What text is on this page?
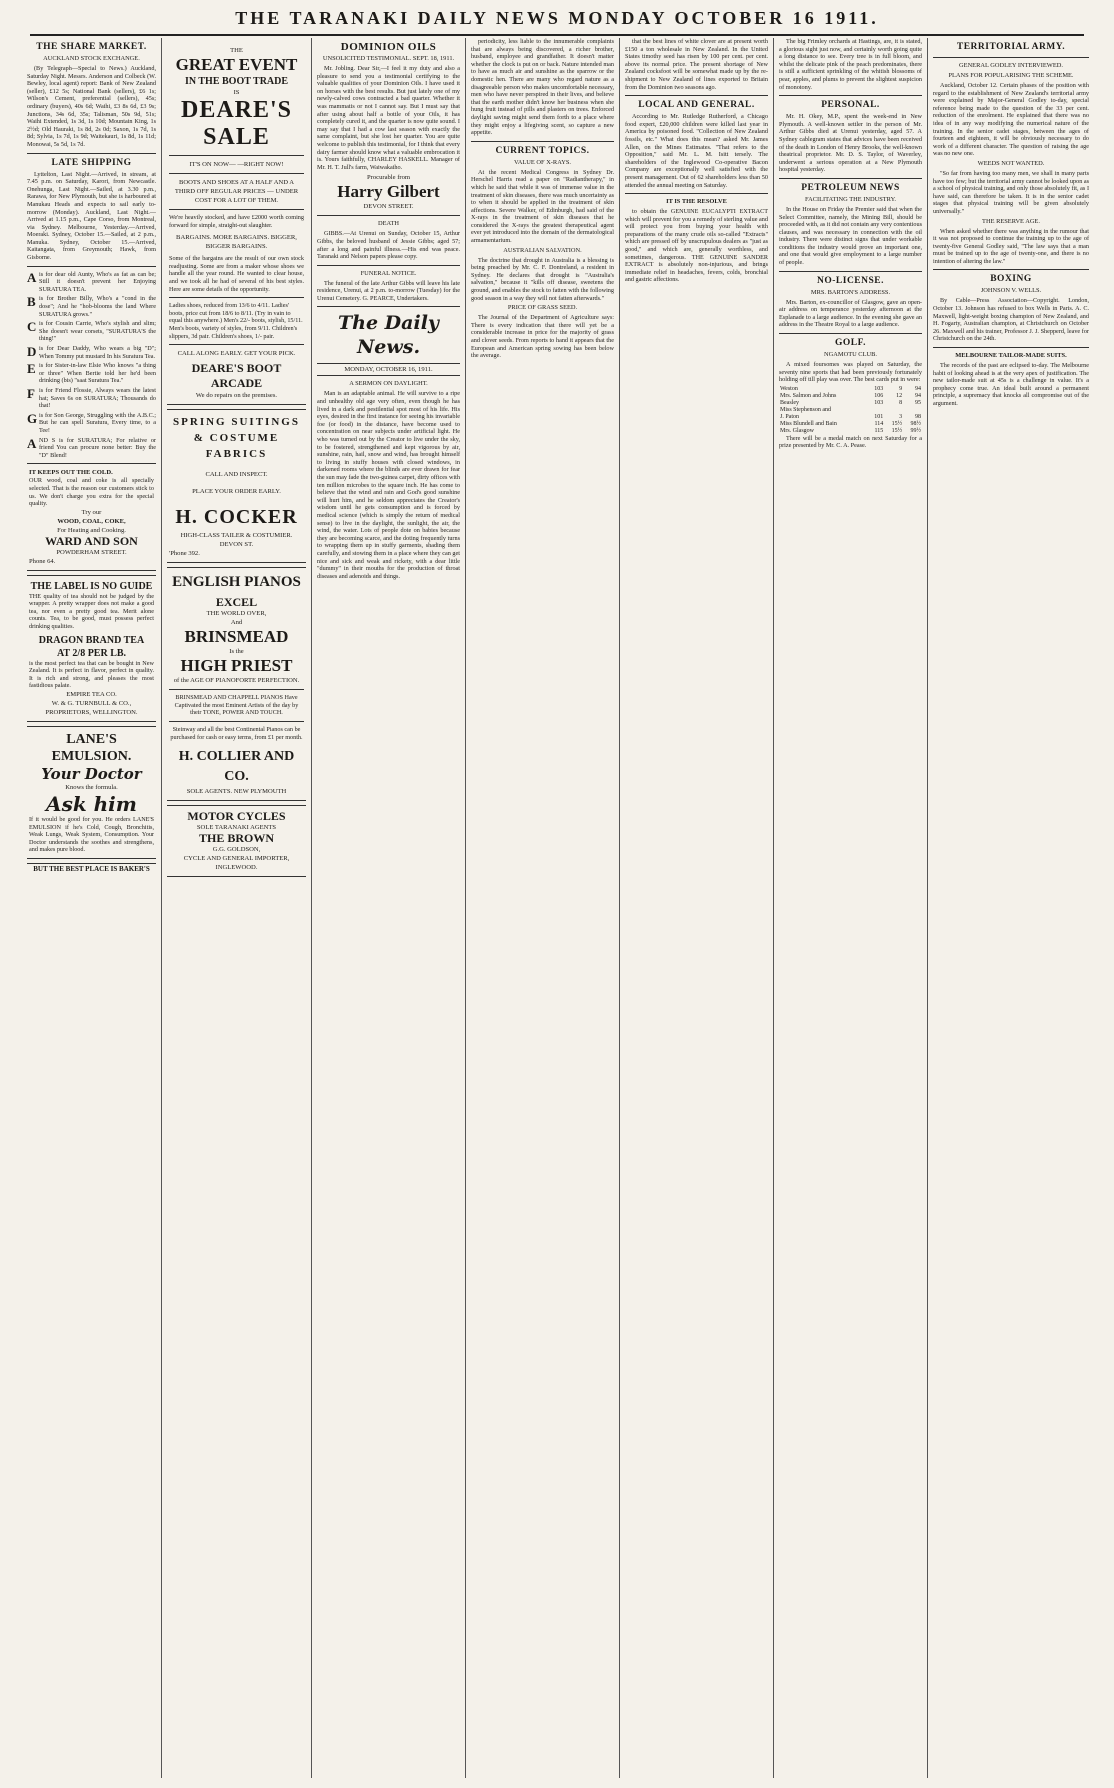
THE TARANAKI DAILY NEWS MONDAY OCTOBER 16 1911.
THE SHARE MARKET.
AUCKLAND STOCK EXCHANGE.

(By Telegraph—Special to News.) Auckland, Saturday Night. Messrs. Anderson and Colbeck (W. Bewley, local agent) report: Bank of New Zealand (seller), £12 5s; National Bank (sellers), £6 1s; Wilson's Cement, preferential (sellers), 45s; ordinary (buyers), 40s 6d; Waihi, £3 8s 6d, £3 9s; Junctions, 34s 6d, 35s; Talisman, 50s 9d, 51s; Waihi Extended, 1s 3d, 1s 10d; Mountain King, 1s 2½d; Old Hauraki, 1s 8d, 2s 0d; Saxon, 1s 7d, 1s 8d; Sylvia, 1s 7d, 1s 9d; Waitekauri, 1s 8d, 1s 11d; Monowai, 5s 5d, 1s 7d.

LATE SHIPPING

Lyttelton, Last Night.—Arrived, in stream, at 7.45 p.m. on Saturday, Karori, from Newcastle. Onehunga, Last Night.—Sailed, at 3.30 p.m., Rarawa, for New Plymouth, but she is harboured at Manukau Heads and expects to sail early to-morrow (Monday). Auckland, Last Night.—Arrived at 1.15 p.m., Cape Corso, from Montreal, via Sydney. Melbourne, Yesterday.—Arrived, Moeraki. Sydney, October 15.—Sailed, at 2 p.m., Manuka. Sydney, October 15.—Arrived, Kaitangata, from Greymouth; Hawk, from Gisborne.

A is for dear old Aunty, Who's as fat as can be; Still it doesn't prevent her Enjoying SURATURA TEA.
B is for Brother Billy, Who's a "cond in the dose"; And he "hob-blooms the land Where SURATURA grows."
C is for Cousin Carrie, Who's stylish and slim; She doesn't wear corsets, "SURATURA'S the thing!"
D is for Dear Daddy, Who wears a big "D"; When Tommy put mustard In his Suratura Tea.
E is for Sister-in-law Elsie Who knows "a thing or three" When Bertie told her he'd been drinking (bis) "saat Suratura Tea."
F is for Friend Flossie, Always wears the latest hat; Saves 6s on SURATURA; Thousands do that!
G is for Son George, Struggling with the A.B.C.; But he can spell Suratura, Every time, to a Tee!
A ND S is for SURATURA; For relative or friend You can procure none better: Buy the "D" Blend!
IT KEEPS OUT THE COLD.
OUR wood, coal and coke is all specially selected. That is the reason our customers stick to us. We don't charge you extra for the special quality.
Try our
WOOD, COAL, COKE,
For Heating and Cooking.
WARD AND SON
POWDERHAM STREET.
Phone 64.
THE LABEL IS NO GUIDE
THE quality of tea should not be judged by the wrapper. A pretty wrapper does not make a good tea, nor even a pretty good tea. Merit alone counts. Tea, to be good, must possess perfect drinking qualities.
DRAGON BRAND TEA
AT 2/8 PER LB.
is the most perfect tea that can be bought in New Zealand. It is perfect in flavor, perfect in quality. It is rich and strong, and pleases the most fastidious palate.
EMPIRE TEA CO.
W. & G. TURNBULL & CO., PROPRIETORS, WELLINGTON.
LANE'S EMULSION.
Your Doctor
Knows the formula.
Ask him
If it would be good for you. He orders LANE'S EMULSION if he's Cold, Cough, Bronchitis, Weak Lungs, Weak System, Consumption. Your Doctor understands the soothes and strengthens, and makes pure blood.
BUT THE BEST PLACE IS BAKER'S
THE
GREAT EVENT
IN THE BOOT TRADE
IS
DEARE'S
SALE
IT'S ON NOW— —RIGHT NOW!
BOOTS AND SHOES AT A HALF AND A THIRD OFF REGULAR PRICES — UNDER COST FOR A LOT OF THEM.
We're heavily stocked, and have £2000 worth coming forward for simple, straight-out slaughter.
BARGAINS. MORE BARGAINS. BIGGER, BIGGER BARGAINS.
Some of the bargains are the result of our own stock readjusting. Some are from a maker whose shoes we handle all the year round. He wanted to clear house, and we took all he had of several of his best styles. Here are some details of the opportunity.
Ladies shoes, reduced from 13/6 to 4/11. Ladies' boots, price cut from 18/6 to 8/11. (Try in vain to equal this anywhere.) Men's 22/- boots, stylish, 15/11. Men's boots, variety of styles, from 9/11. Children's slippers, 3d pair. Children's shoes, 1/- pair.
CALL ALONG EARLY. GET YOUR PICK.
DEARE'S BOOT ARCADE
We do repairs on the premises.
SPRING SUITINGS & COSTUME FABRICS
CALL AND INSPECT.
PLACE YOUR ORDER EARLY.
H. COCKER
HIGH-CLASS TAILER & COSTUMIER. DEVON ST.
'Phone 392.
ENGLISH PIANOS
EXCEL
THE WORLD OVER,
And
BRINSMEAD
Is the
HIGH PRIEST
of the AGE OF PIANOFORTE PERFECTION.
BRINSMEAD AND CHAPPELL PIANOS Have Captivated the most Eminent Artists of the day by their TONE, POWER AND TOUCH.
Steinway and all the best Continental Pianos can be purchased for cash or easy terms, from £1 per month.
H. COLLIER AND CO.
SOLE AGENTS. NEW PLYMOUTH
MOTOR CYCLES
SOLE TARANAKI AGENTS
THE BROWN
G.G. GOLDSON,
CYCLE AND GENERAL IMPORTER, INGLEWOOD.
DOMINION OILS
UNSOLICITED TESTIMONIAL. SEPT. 18, 1911.

Mr. Jobling. Dear Sir,—I feel it my duty and also a pleasure to send you a testimonial certifying to the valuable qualities of your Dominion Oils. I have used it on horses with the best results. But just lately one of my newly-calved cows contracted a bad quarter. Whether it was mammatis or not I cannot say. But I must say that after using about half a bottle of your Oils, it has completely cured it, and the quarter is now quite sound. I may say that I had a cow last season with exactly the same complaint, but she lost her quarter. You are quite welcome to publish this testimonial, for I think that every dairy farmer should know what a valuable embrocation it is. Yours faithfully, CHARLEY HASKELL. Manager of Mr. H. T. Jull's farm, Waiwakaiho.

Procurable from
Harry Gilbert
DEVON STREET.
DEATH

GIBBS.—At Urenui on Sunday, October 15, Arthur Gibbs, the beloved husband of Jessie Gibbs; aged 57; after a long and painful illness.—His end was peace. Taranaki and Nelson papers please copy.

FUNERAL NOTICE.

The funeral of the late Arthur Gibbs will leave his late residence, Urenui, at 2 p.m. to-morrow (Tuesday) for the Urenui Cemetery. G. PEARCE, Undertakers.

The Daily News.
MONDAY, OCTOBER 16, 1911.
A SERMON ON DAYLIGHT.

Man is an adaptable animal. He will survive to a ripe and unhealthy old age very often, even though he has lived in a dark and pestilential spot most of his life. His eyes, desired in the first instance for seeing his invariable foe (or food) in the distance, have become used to concentration on near subjects under artificial light. He who was turned out by the Creator to live under the sky, to be fostered, strengthened and kept vigorous by air, sunshine, rain, hail, snow and wind, has brought himself to living in stuffy houses with closed windows, in darkened rooms where the blinds are ever drawn for fear the sun may fade the two-guinea carpet, dirty offices with ten million microbes to the square inch. He has come to believe that the wind and rain and God's good sunshine will hurt him, and he seldom appreciates the Creator's wisdom until he gets consumption and is forced by medical science (which is simply the return of medical sense) to live in the daylight, the sunlight, the air, the wind, the water. Lots of people dote on babies because they are becoming scarce, and the doting frequently turns to wrapping them up in stuffy garments, shading them carefully, and stowing them in a place where they can get nice and sick and weak and rickety, with a dear little "dummy" in their mouths for the production of throat diseases and adenoids and things.

periodicity, less liable to the innumerable complaints that are always being discovered, a richer brother, husband, employee and grandfather. It doesn't matter whether the clock is put on or back. Nature intended man to have as much air and sunshine as the sparrow or the domestic hen. There are many who regard nature as a disagreeable person who makes uncomfortable necessary, men who have never perspired in their lives, and believe that the earth mother didn't know her business when she hung fruit instead of pills and plasters on trees. Enforced daylight saving might send them forth to a place where they might enjoy a lifegiving scent, so capture a new appetite.

CURRENT TOPICS.
VALUE OF X-RAYS.

At the recent Medical Congress in Sydney Dr. Herschel Harris read a paper on "Radiantherapy," in which he said that while it was of immense value in the treatment of skin diseases, there was much uncertainty as to when it should be applied in the treatment of skin affections. Severe Walker, of Edinburgh, had said of the X-rays in the treatment of skin diseases that he considered the X-rays the greatest therapeutical agent ever yet introduced into the domain of the dermatological armamentarium.

AUSTRALIAN SALVATION.

The doctrine that drought in Australia is a blessing is being preached by Mr. C. F. Dontreland, a resident in Sydney. He declares that drought is "Australia's salvation," because it "kills off disease, sweetens the ground, and enables the stock to fatten with the following good season in a way they will not fatten afterwards."

PRICE OF GRASS SEED.

The Journal of the Department of Agriculture says: There is every indication that there will yet be a considerable increase in price for the majority of grass and clover seeds. From reports to hand it appears that the European and American spring sowing has been below the average.

that the best lines of white clover are at present worth £150 a ton wholesale in New Zealand. In the United States timothy seed has risen by 100 per cent. per cent. above its normal price. The present shortage of New Zealand cocksfoot will be somewhat made up by the re-shipment to New Zealand of lines exported to Britain from the Dominion two seasons ago.

LOCAL AND GENERAL.

According to Mr. Rutledge Rutherford, a Chicago food expert, £20,000 children were killed last year in America by poisoned food. "Collection of New Zealand fossils, etc." What does this mean? asked Mr. James Allen, on the Mines Estimates. "That refers to the Opposition," said Mr. L. M. Isitt tersely. The shareholders of the Inglewood Co-operative Bacon Company are exceptionally well satisfied with the present management. Out of 62 shareholders less than 50 attended the annual meeting on Saturday.

IT IS THE RESOLVE

to obtain the GENUINE EUCALYPTI EXTRACT which will prevent for you a remedy of sterling value and will protect you from buying your health with preparations of the many crude oils so-called "Extracts" which are pressed off by unscrupulous dealers as "just as good," and which are, generally worthless, and sometimes, dangerous. THE GENUINE SANDER EXTRACT is absolutely non-injurious, and brings immediate relief in headaches, fevers, colds, bronchial and gastric affections.

The big Frimley orchards at Hastings, are, it is stated, a glorious sight just now, and certainly worth going quite a long distance to see. Every tree is in full bloom, and whilst the delicate pink of the peach predominates, there is still a sufficient sprinkling of the whitish blossoms of pear, apples, and plums to prevent the slightest suspicion of monotony.

PERSONAL.

Mr. H. Okey, M.P., spent the week-end in New Plymouth. A well-known settler in the person of Mr. Arthur Gibbs died at Urenui yesterday, aged 57. A Sydney cablegram states that advices have been received of the death in London of Henry Brooks, the well-known theatrical proprietor. Mr. D. S. Taylor, of Waverley, underwent a serious operation at a New Plymouth hospital yesterday.

PETROLEUM NEWS
FACILITATING THE INDUSTRY.

In the House on Friday the Premier said that when the Select Committee, namely, the Mining Bill, should be proceeded with, as it did not contain any very contentious clauses, and was necessary in connection with the oil industry. There were distinct signs that under workable conditions the industry would prove an important one, and one that would give employment to a large number of people.

NO-LICENSE.
MRS. BARTON'S ADDRESS.

Mrs. Barton, ex-councillor of Glasgow, gave an open-air address on temperance yesterday afternoon at the Esplanade to a large audience. In the evening she gave an address in the Theatre Royal to a large audience.

GOLF.
NGAMOTU CLUB.

A mixed foursomes was played on Saturday, the seventy nine sports that had been previously fortunately holding off till play was over. The best cards put in were:

Weston	103	9	94
Mrs. Salmon and Johns	106	12	94
Beasley	103	8	95
Miss Stephenson and			
J. Paton	101	3	98
Miss Blundell and Bain	114	15½	98½
Mrs. Glasgow	115	15½	99½

There will be a medal match on next Saturday for a prize presented by Mr. C. A. Pease.

TERRITORIAL ARMY.
GENERAL GODLEY INTERVIEWED.
PLANS FOR POPULARISING THE SCHEME.

Auckland, October 12. Certain phases of the position with regard to the establishment of New Zealand's territorial army were explained by Major-General Godley to-day, special reference being made to the question of the 33 per cent. reduction of the enrolment. He explained that there was no idea of in any way modifying the numerical nature of the training. In the senior cadet stages, between the ages of fourteen and eighteen, it will be obviously necessary to do work of a different character. The question of raising the age was no new one.

WEEDS NOT WANTED.

"So far from having too many men, we shall in many parts have too few; but the territorial army cannot be looked upon as a school of physical training, and only those absolutely fit, as I have said, can therefore be taken. It is in the senior cadet stages that physical training will be given absolutely universally."

THE RESERVE AGE.

When asked whether there was anything in the rumour that it was not proposed to continue the training up to the age of twenty-five General Godley said, "The law says that a man must be trained up to the age of twenty-one, and there is no intention of altering the law."

BOXING
JOHNSON V. WELLS.

By Cable—Press Association—Copyright. London, October 13. Johnson has refused to box Wells in Paris. A. C. Maxwell, light-weight boxing champion of New Zealand, and H. Fogarty, Australian champion, at Christchurch on October 26. Maxwell and his trainer, Professor J. J. Shepperd, leave for Christchurch on the 24th.

MELBOURNE TAILOR-MADE SUITS.

The records of the past are eclipsed to-day. The Melbourne habit of looking ahead is at the very apex of justification. The new tailor-made suit at 45s is a challenge in value. It's a prophecy come true. An ideal built around a permanent principle, a supremacy that knocks all compromise out of the argument.
